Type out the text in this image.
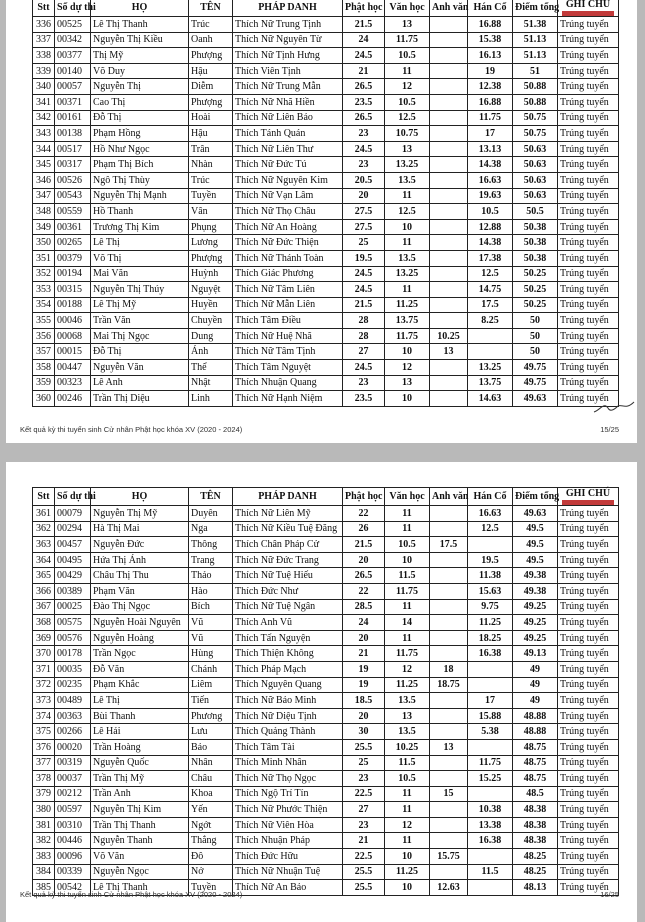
Stt	Số dự thi	HỌ	TÊN	PHÁP DANH	Phật học	Văn học	Anh văn	Hán Cổ	Điểm tổng	GHI CHÚ

336	00525	Lê Thị Thanh	Trúc	Thích Nữ Trung Tịnh	21.5	13		16.88	51.38	Trúng tuyển
337	00342	Nguyễn Thị Kiều	Oanh	Thích Nữ Nguyên Từ	24	11.75		15.38	51.13	Trúng tuyển
338	00377	Thị Mỹ	Phượng	Thích Nữ Tịnh Hưng	24.5	10.5		16.13	51.13	Trúng tuyển
339	00140	Võ Duy	Hậu	Thích Viên Tịnh	21	11		19	51	Trúng tuyển
340	00057	Nguyễn Thị	Diễm	Thích Nữ Trung Mẫn	26.5	12		12.38	50.88	Trúng tuyển
341	00371	Cao Thị	Phượng	Thích Nữ Nhã Hiền	23.5	10.5		16.88	50.88	Trúng tuyển
342	00161	Đỗ Thị	Hoài	Thích Nữ Liên Bảo	26.5	12.5		11.75	50.75	Trúng tuyển
343	00138	Phạm Hồng	Hậu	Thích Tánh Quán	23	10.75		17	50.75	Trúng tuyển
344	00517	Hồ Như Ngọc	Trân	Thích Nữ Liên Thư	24.5	13		13.13	50.63	Trúng tuyển
345	00317	Phạm Thị Bích	Nhàn	Thích Nữ Đức Tú	23	13.25		14.38	50.63	Trúng tuyển
346	00526	Ngô Thị Thùy	Trúc	Thích Nữ Nguyên Kim	20.5	13.5		16.63	50.63	Trúng tuyển
347	00543	Nguyễn Thị Mạnh	Tuyền	Thích Nữ Vạn Lâm	20	11		19.63	50.63	Trúng tuyển
348	00559	Hồ Thanh	Vân	Thích Nữ Thọ Châu	27.5	12.5		10.5	50.5	Trúng tuyển
349	00361	Trương Thị Kim	Phụng	Thích Nữ An Hoàng	27.5	10		12.88	50.38	Trúng tuyển
350	00265	Lê Thị	Lương	Thích Nữ Đức Thiện	25	11		14.38	50.38	Trúng tuyển
351	00379	Võ Thị	Phượng	Thích Nữ Thánh Toàn	19.5	13.5		17.38	50.38	Trúng tuyển
352	00194	Mai Văn	Huỳnh	Thích Giác Phương	24.5	13.25		12.5	50.25	Trúng tuyển
353	00315	Nguyễn Thị Thúy	Nguyệt	Thích Nữ Tâm Liên	24.5	11		14.75	50.25	Trúng tuyển
354	00188	Lê Thị Mỹ	Huyền	Thích Nữ Mẫn Liên	21.5	11.25		17.5	50.25	Trúng tuyển
355	00046	Trần Văn	Chuyền	Thích Tâm Điều	28	13.75		8.25	50	Trúng tuyển
356	00068	Mai Thị Ngọc	Dung	Thích Nữ Huệ Nhã	28	11.75	10.25		50	Trúng tuyển
357	00015	Đỗ Thị	Ánh	Thích Nữ Tâm Tịnh	27	10	13		50	Trúng tuyển
358	00447	Nguyễn Văn	Thể	Thích Tâm Nguyệt	24.5	12		13.25	49.75	Trúng tuyển
359	00323	Lê Anh	Nhật	Thích Nhuận Quang	23	13		13.75	49.75	Trúng tuyển
360	00246	Trần Thị Diệu	Linh	Thích Nữ Hạnh Niệm	23.5	10		14.63	49.63	Trúng tuyển
Kết quả kỳ thi tuyển sinh Cử nhân Phật học khóa XV (2020 - 2024)	15/25
Stt	Số dự thi	HỌ	TÊN	PHÁP DANH	Phật học	Văn học	Anh văn	Hán Cổ	Điểm tổng	GHI CHÚ

361	00079	Nguyễn Thị Mỹ	Duyên	Thích Nữ Liên Mỹ	22	11		16.63	49.63	Trúng tuyển
362	00294	Hà Thị Mai	Nga	Thích Nữ Kiều Tuệ Đăng	26	11		12.5	49.5	Trúng tuyển
363	00457	Nguyễn Đức	Thông	Thích Chân Pháp Cử	21.5	10.5	17.5		49.5	Trúng tuyển
364	00495	Hứa Thị Ánh	Trang	Thích Nữ Đức Trang	20	10		19.5	49.5	Trúng tuyển
365	00429	Châu Thị Thu	Thảo	Thích Nữ Tuệ Hiếu	26.5	11.5		11.38	49.38	Trúng tuyển
366	00389	Phạm Văn	Hào	Thích Đức Như	22	11.75		15.63	49.38	Trúng tuyển
367	00025	Đào Thị Ngọc	Bích	Thích Nữ Tuệ Ngân	28.5	11		9.75	49.25	Trúng tuyển
368	00575	Nguyễn Hoài Nguyên	Vũ	Thích Anh Vũ	24	14		11.25	49.25	Trúng tuyển
369	00576	Nguyễn Hoàng	Vũ	Thích Tấn Nguyện	20	11		18.25	49.25	Trúng tuyển
370	00178	Trần Ngọc	Hùng	Thích Thiện Không	21	11.75		16.38	49.13	Trúng tuyển
371	00035	Đỗ Văn	Chánh	Thích Pháp Mạch	19	12	18		49	Trúng tuyển
372	00235	Phạm Khắc	Liêm	Thích Nguyên Quang	19	11.25	18.75		49	Trúng tuyển
373	00489	Lê Thị	Tiến	Thích Nữ Bảo Minh	18.5	13.5		17	49	Trúng tuyển
374	00363	Bùi Thanh	Phương	Thích Nữ Diệu Tịnh	20	13		15.88	48.88	Trúng tuyển
375	00266	Lê Hải	Lưu	Thích Quảng Thành	30	13.5		5.38	48.88	Trúng tuyển
376	00020	Trần Hoàng	Bảo	Thích Tâm Tài	25.5	10.25	13		48.75	Trúng tuyển
377	00319	Nguyễn Quốc	Nhân	Thích Minh Nhân	25	11.5		11.75	48.75	Trúng tuyển
378	00037	Trần Thị Mỹ	Châu	Thích Nữ Thọ Ngọc	23	10.5		15.25	48.75	Trúng tuyển
379	00212	Trần Anh	Khoa	Thích Ngộ Trí Tín	22.5	11	15		48.5	Trúng tuyển
380	00597	Nguyễn Thị Kim	Yến	Thích Nữ Phước Thiện	27	11		10.38	48.38	Trúng tuyển
381	00310	Trần Thị Thanh	Ngớt	Thích Nữ Viên Hòa	23	12		13.38	48.38	Trúng tuyển
382	00446	Nguyễn Thanh	Thắng	Thích Nhuận Pháp	21	11		16.38	48.38	Trúng tuyển
383	00096	Võ Văn	Đô	Thích Đức Hữu	22.5	10	15.75		48.25	Trúng tuyển
384	00339	Nguyễn Ngọc	Nở	Thích Nữ Nhuận Tuệ	25.5	11.25		11.5	48.25	Trúng tuyển
385	00542	Lê Thị Thanh	Tuyền	Thích Nữ An Bảo	25.5	10	12.63		48.13	Trúng tuyển
Kết quả kỳ thi tuyển sinh Cử nhân Phật học khóa XV (2020 - 2024)	16/25
